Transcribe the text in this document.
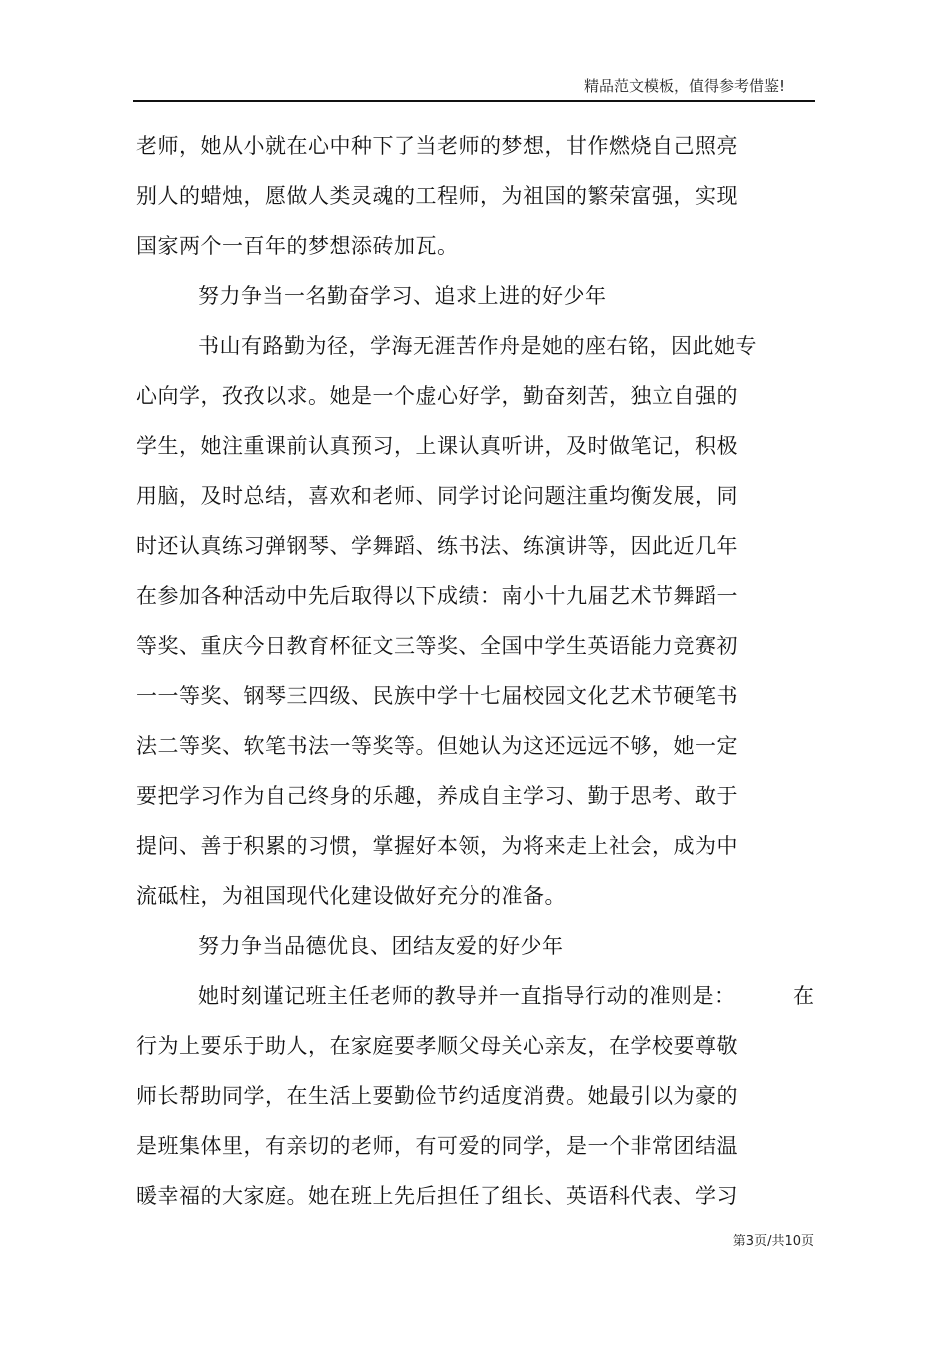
精品范文模板，值得参考借鉴!
老师，她从小就在心中种下了当老师的梦想，甘作燃烧自己照亮
别人的蜡烛，愿做人类灵魂的工程师，为祖国的繁荣富强，实现
国家两个一百年的梦想添砖加瓦。
努力争当一名勤奋学习、追求上进的好少年
书山有路勤为径，学海无涯苦作舟是她的座右铭，因此她专
心向学，孜孜以求。她是一个虚心好学，勤奋刻苦，独立自强的
学生，她注重课前认真预习，上课认真听讲，及时做笔记，积极
用脑，及时总结，喜欢和老师、同学讨论问题注重均衡发展，同
时还认真练习弹钢琴、学舞蹈、练书法、练演讲等，因此近几年
在参加各种活动中先后取得以下成绩：南小十九届艺术节舞蹈一
等奖、重庆今日教育杯征文三等奖、全国中学生英语能力竞赛初
一一等奖、钢琴三四级、民族中学十七届校园文化艺术节硬笔书
法二等奖、软笔书法一等奖等。但她认为这还远远不够，她一定
要把学习作为自己终身的乐趣，养成自主学习、勤于思考、敢于
提问、善于积累的习惯，掌握好本领，为将来走上社会，成为中
流砥柱，为祖国现代化建设做好充分的准备。
努力争当品德优良、团结友爱的好少年
她时刻谨记班主任老师的教导并一直指导行动的准则是：	在
行为上要乐于助人，在家庭要孝顺父母关心亲友，在学校要尊敬
师长帮助同学，在生活上要勤俭节约适度消费。她最引以为豪的
是班集体里，有亲切的老师，有可爱的同学，是一个非常团结温
暖幸福的大家庭。她在班上先后担任了组长、英语科代表、学习
第3页/共10页
